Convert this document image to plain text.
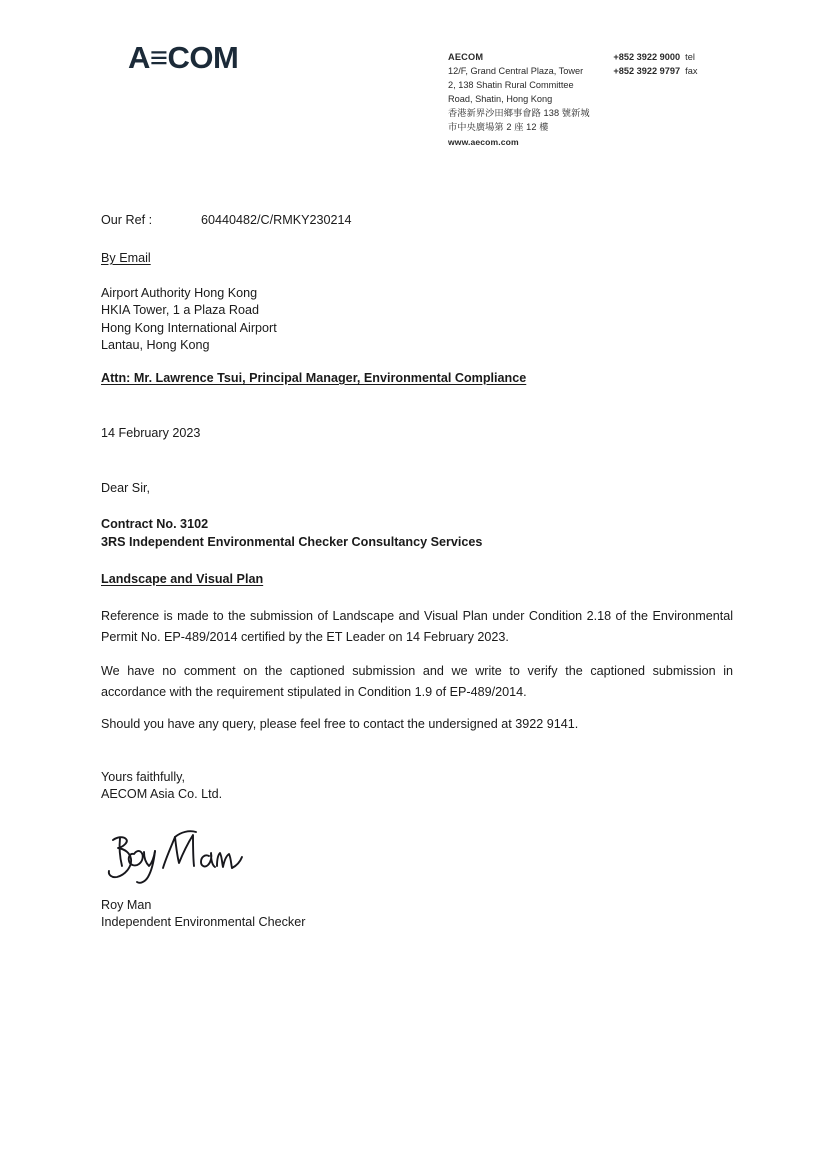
A≡COM	AECOM
12/F, Grand Central Plaza, Tower
2, 138 Shatin Rural Committee
Road, Shatin, Hong Kong
香港新界沙田鄉事會路 138 號新城
市中央廣場第 2 座 12 樓
www.aecom.com
+852 3922 9000 tel
+852 3922 9797 fax
Our Ref :	60440482/C/RMKY230214
By Email
Airport Authority Hong Kong
HKIA Tower, 1 a Plaza Road
Hong Kong International Airport
Lantau, Hong Kong
Attn: Mr. Lawrence Tsui, Principal Manager, Environmental Compliance
14 February 2023
Dear Sir,
Contract No. 3102
3RS Independent Environmental Checker Consultancy Services
Landscape and Visual Plan
Reference is made to the submission of Landscape and Visual Plan under Condition 2.18 of the Environmental Permit No. EP-489/2014 certified by the ET Leader on 14 February 2023.
We have no comment on the captioned submission and we write to verify the captioned submission in accordance with the requirement stipulated in Condition 1.9 of EP-489/2014.
Should you have any query, please feel free to contact the undersigned at 3922 9141.
Yours faithfully,
AECOM Asia Co. Ltd.
Roy Man
Independent Environmental Checker
